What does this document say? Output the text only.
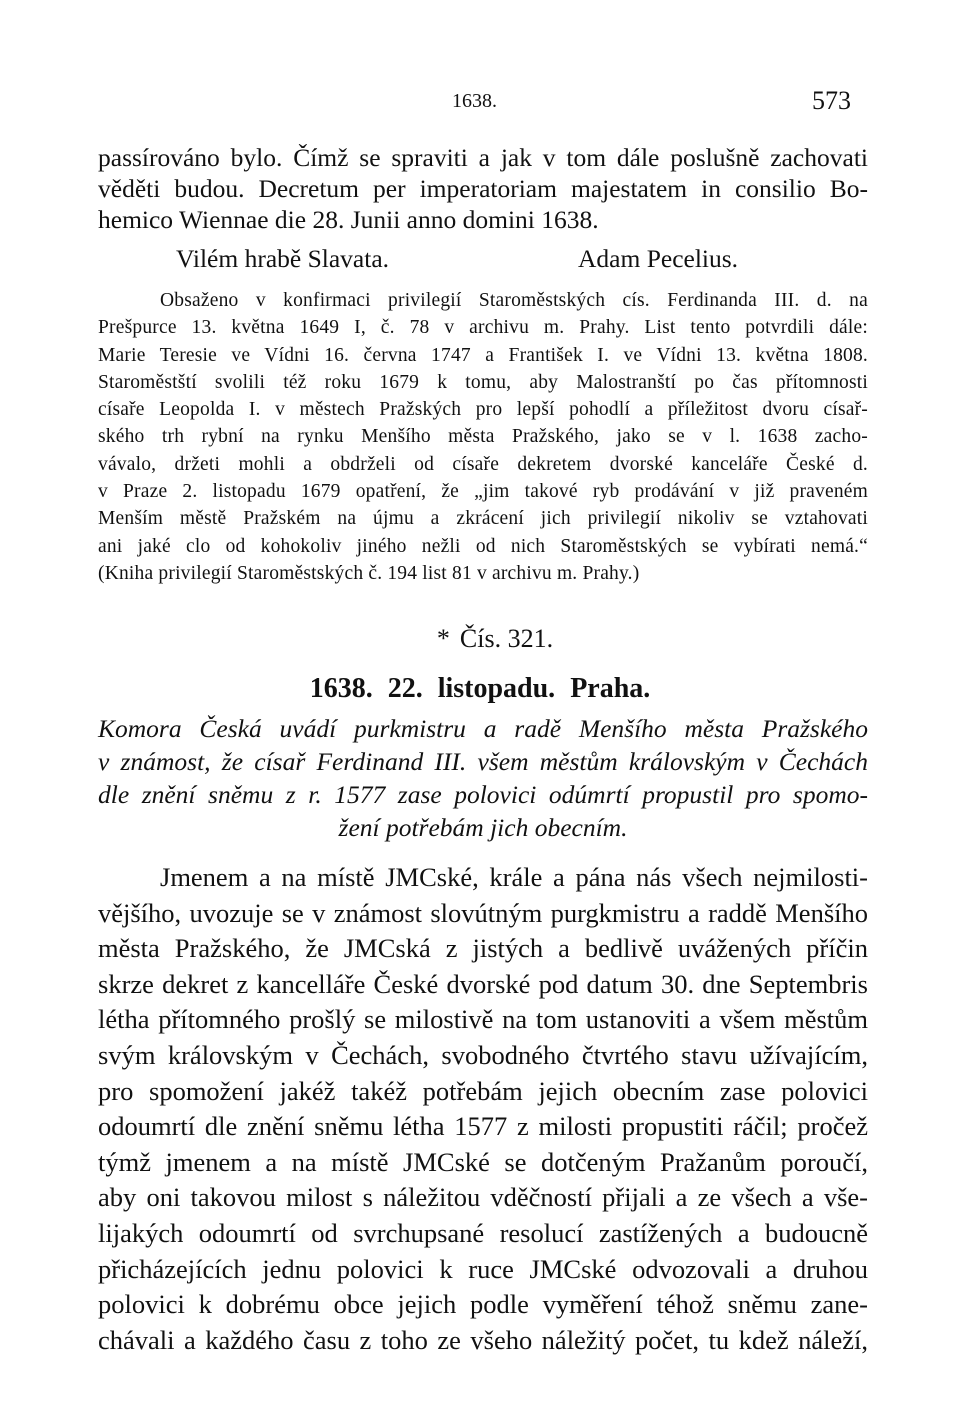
1638.	573
passírováno bylo. Čímž se spraviti a jak v tom dále poslušně zachovati
věděti budou. Decretum per imperatoriam majestatem in consilio Bo-
hemico Wiennae die 28. Junii anno domini 1638.
Vilém hrabě Slavata.	Adam Pecelius.
Obsaženo v konfirmaci privilegií Staroměstských cís. Ferdinanda III. d. na
Prešpurce 13. května 1649 I, č. 78 v archivu m. Prahy. List tento potvrdili dále:
Marie Teresie ve Vídni 16. června 1747 a František I. ve Vídni 13. května 1808.
Staroměstští svolili též roku 1679 k tomu, aby Malostranští po čas přítomnosti
císaře Leopolda I. v městech Pražských pro lepší pohodlí a příležitost dvoru císař-
ského trh rybní na rynku Menšího města Pražského, jako se v l. 1638 zacho-
vávalo, držeti mohli a obdrželi od císaře dekretem dvorské kanceláře České d.
v Praze 2. listopadu 1679 opatření, že „jim takové ryb prodávání v již praveném
Menším městě Pražském na újmu a zkrácení jich privilegií nikoliv se vztahovati
ani jaké clo od kohokoliv jiného nežli od nich Staroměstských se vybírati nemá.“
(Kniha privilegií Staroměstských č. 194 list 81 v archivu m. Prahy.)
* Čís. 321.
1638. 22. listopadu. Praha.
Komora Česká uvádí purkmistru a radě Menšího města Pražského
v známost, že císař Ferdinand III. všem městům královským v Čechách
dle znění sněmu z r. 1577 zase polovici odúmrtí propustil pro spomo-
žení potřebám jich obecním.
Jmenem a na místě JMCské, krále a pána nás všech nejmilosti-
vějšího, uvozuje se v známost slovútným purgkmistru a raddě Menšího
města Pražského, že JMCská z jistých a bedlivě uvážených příčin
skrze dekret z kancelláře České dvorské pod datum 30. dne Septembris
létha přítomného prošlý se milostivě na tom ustanoviti a všem městům
svým královským v Čechách, svobodného čtvrtého stavu užívajícím,
pro spomožení jakéž takéž potřebám jejich obecním zase polovici
odoumrtí dle znění sněmu létha 1577 z milosti propustiti ráčil; pročež
týmž jmenem a na místě JMCské se dotčeným Pražanům poroučí,
aby oni takovou milost s náležitou vděčností přijali a ze všech a vše-
lijakých odoumrtí od svrchupsané resolucí zastížených a budoucně
přicházejících jednu polovici k ruce JMCské odvozovali a druhou
polovici k dobrému obce jejich podle vyměření téhož sněmu zane-
chávali a každého času z toho ze všeho náležitý počet, tu kdež náleží,
